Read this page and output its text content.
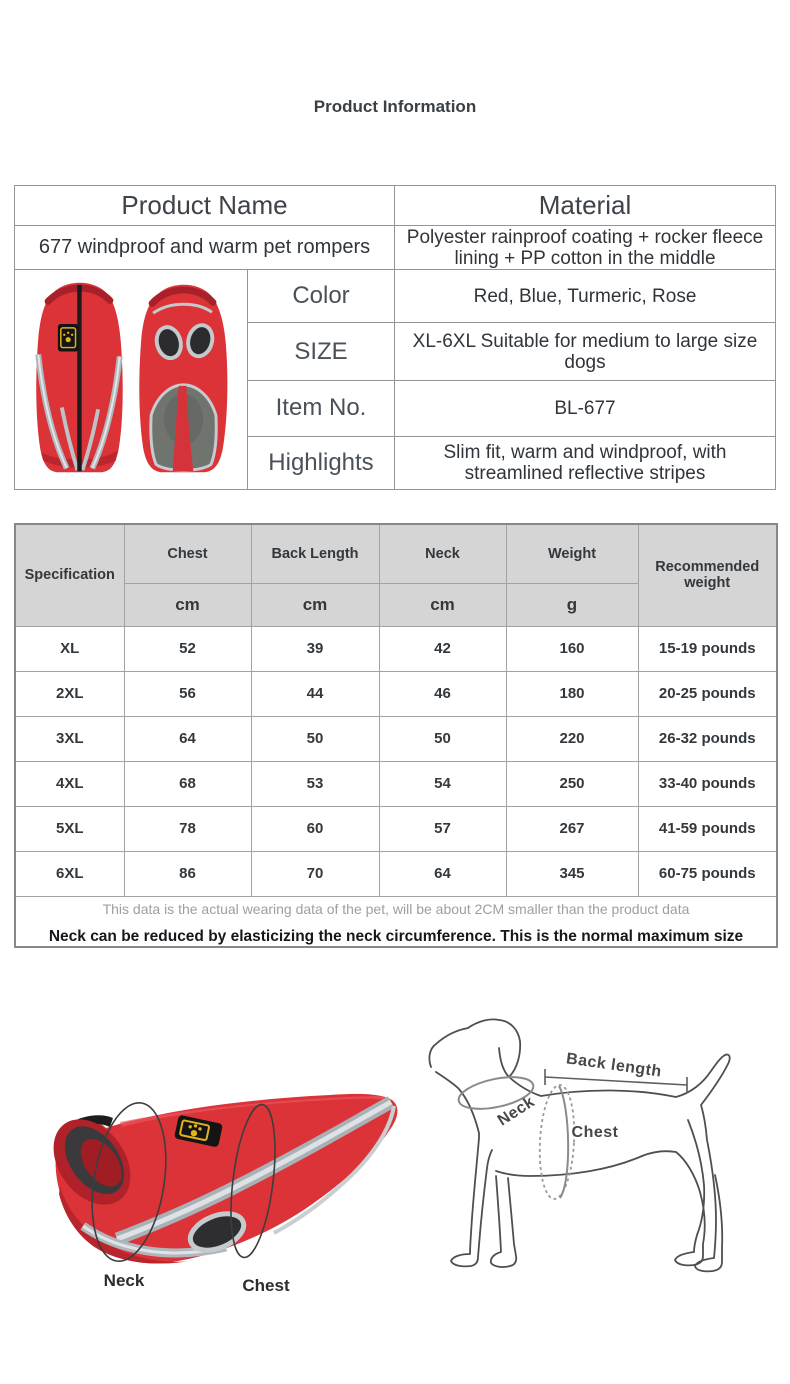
Product Information
Product Name		Material
677 windproof and warm pet rompers		Polyester rainproof coating + rocker fleece lining + PP cotton in the middle
	Color	Red, Blue, Turmeric, Rose
	SIZE	XL-6XL Suitable for medium to large size dogs
	Item No.	BL-677
	Highlights	Slim fit, warm and windproof, with streamlined reflective stripes
Specification	Chest	Back Length	Neck	Weight	Recommended weight
	cm	cm	cm	g	
XL	52	39	42	160	15-19 pounds
2XL	56	44	46	180	20-25 pounds
3XL	64	50	50	220	26-32 pounds
4XL	68	53	54	250	33-40 pounds
5XL	78	60	57	267	41-59 pounds
6XL	86	70	64	345	60-75 pounds

This data is the actual wearing data of the pet, will be about 2CM smaller than the product data
Neck can be reduced by elasticizing the neck circumference. This is the normal maximum size					
Neck	Chest
Back length
Neck
Chest
